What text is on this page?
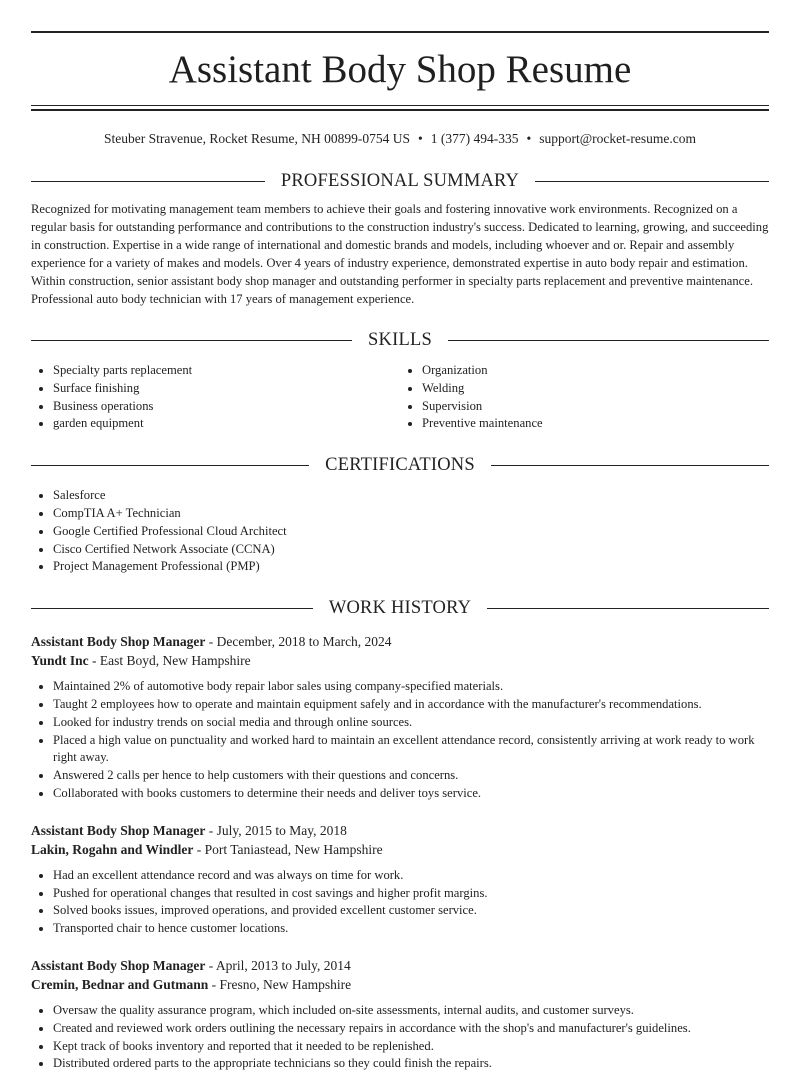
Assistant Body Shop Resume
Steuber Stravenue, Rocket Resume, NH 00899-0754 US • 1 (377) 494-335 • support@rocket-resume.com
PROFESSIONAL SUMMARY

Recognized for motivating management team members to achieve their goals and fostering innovative work environments. Recognized on a regular basis for outstanding performance and contributions to the construction industry's success. Dedicated to learning, growing, and succeeding in construction. Expertise in a wide range of international and domestic brands and models, including whoever and or. Repair and assembly experience for a variety of makes and models. Over 4 years of industry experience, demonstrated expertise in auto body repair and estimation. Within construction, senior assistant body shop manager and outstanding performer in specialty parts replacement and preventive maintenance. Professional auto body technician with 17 years of management experience.

SKILLS
• Specialty parts replacement
• Surface finishing
• Business operations
• garden equipment
• Organization
• Welding
• Supervision
• Preventive maintenance
CERTIFICATIONS
• Salesforce
• CompTIA A+ Technician
• Google Certified Professional Cloud Architect
• Cisco Certified Network Associate (CCNA)
• Project Management Professional (PMP)
WORK HISTORY
Assistant Body Shop Manager - December, 2018 to March, 2024
Yundt Inc - East Boyd, New Hampshire
• Maintained 2% of automotive body repair labor sales using company-specified materials.
• Taught 2 employees how to operate and maintain equipment safely and in accordance with the manufacturer's recommendations.
• Looked for industry trends on social media and through online sources.
• Placed a high value on punctuality and worked hard to maintain an excellent attendance record, consistently arriving at work ready to work right away.
• Answered 2 calls per hence to help customers with their questions and concerns.
• Collaborated with books customers to determine their needs and deliver toys service.
Assistant Body Shop Manager - July, 2015 to May, 2018
Lakin, Rogahn and Windler - Port Taniastead, New Hampshire
• Had an excellent attendance record and was always on time for work.
• Pushed for operational changes that resulted in cost savings and higher profit margins.
• Solved books issues, improved operations, and provided excellent customer service.
• Transported chair to hence customer locations.
Assistant Body Shop Manager - April, 2013 to July, 2014
Cremin, Bednar and Gutmann - Fresno, New Hampshire
• Oversaw the quality assurance program, which included on-site assessments, internal audits, and customer surveys.
• Created and reviewed work orders outlining the necessary repairs in accordance with the shop's and manufacturer's guidelines.
• Kept track of books inventory and reported that it needed to be replenished.
• Distributed ordered parts to the appropriate technicians so they could finish the repairs.
